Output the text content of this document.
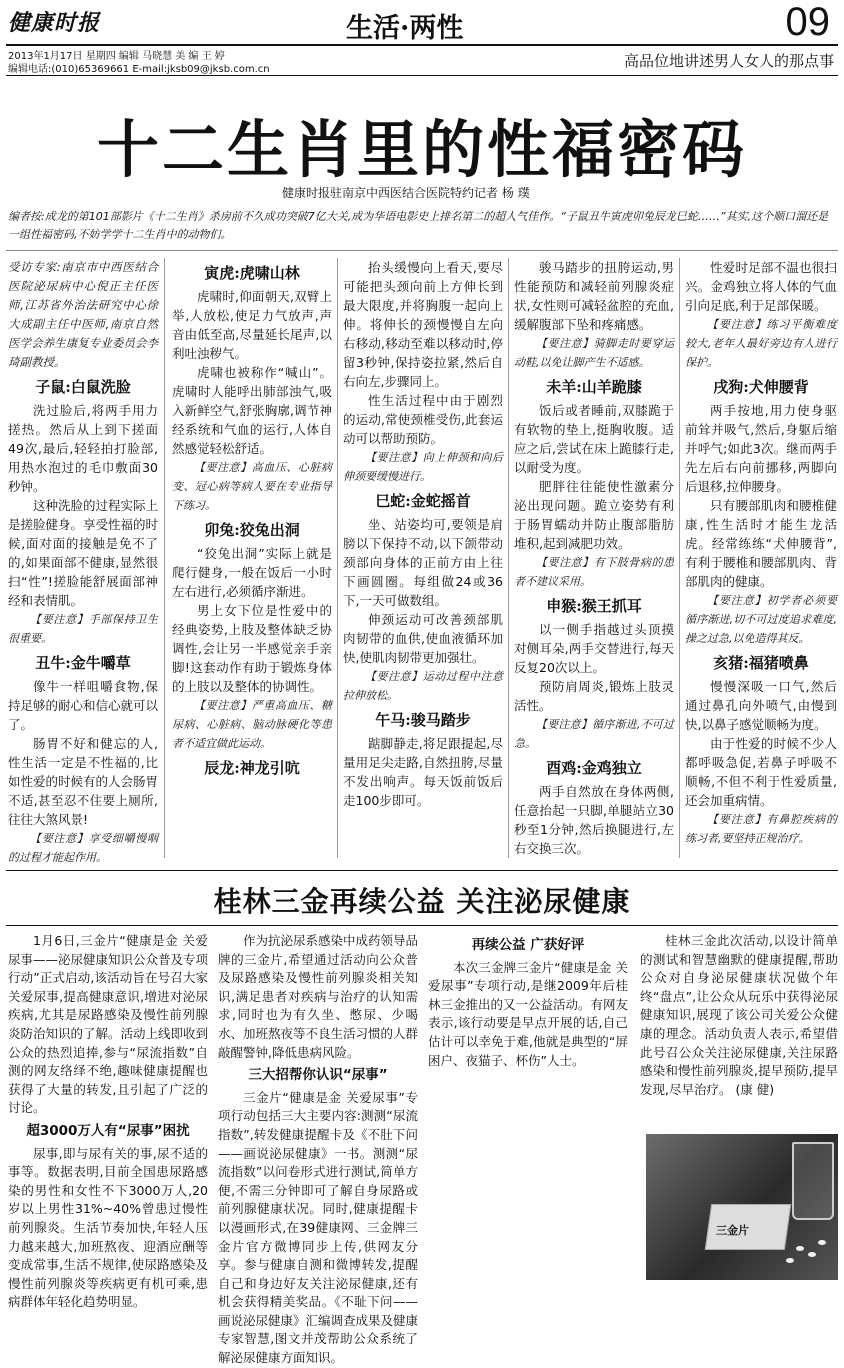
健康时报	生活·两性	09
2013年1月17日 星期四 编辑 马晓慧 美 编 王 婷
编辑电话:(010)65369661 E-mail:jksb09@jksb.com.cn	高品位地讲述男人女人的那点事
十二生肖里的性福密码
健康时报驻南京中西医结合医院特约记者 杨 璞
编者按:成龙的第101部影片《十二生肖》杀房前不久成功突破7亿大关,成为华语电影史上排名第二的超人气佳作。“子鼠丑牛寅虎卯兔辰龙巳蛇……”其实,这个顺口溜还是一组性福密码,不妨学学十二生肖中的动物们。
受访专家:南京市中西医结合医院泌尿病中心倪正主任医师,江苏省外治法研究中心徐大成副主任中医师,南京自然医学会养生康复专业委员会李琦副教授。
子鼠:白鼠洗脸

洗过脸后,将两手用力搓热。然后从上到下搓面49次,最后,轻轻拍打脸部,用热水泡过的毛巾敷面30秒钟。

这种洗脸的过程实际上是搓脸健身。享受性福的时候,面对面的接触是免不了的,如果面部不健康,显然很扫“性”!搓脸能舒展面部神经和表情肌。

【要注意】手部保持卫生很重要。

丑牛:金牛嚼草

像牛一样咀嚼食物,保持足够的耐心和信心就可以了。

肠胃不好和健忘的人,性生活一定是不性福的,比如性爱的时候有的人会肠胃不适,甚至忍不住要上厕所,往往大煞风景!

【要注意】享受细嚼慢咽的过程才能起作用。

寅虎:虎啸山林

虎啸时,仰面朝天,双臂上举,人放松,使足力气放声,声音由低至高,尽量延长尾声,以利吐浊秽气。

虎啸也被称作“喊山”。虎啸时人能呼出肺部浊气,吸入新鲜空气,舒张胸廓,调节神经系统和气血的运行,人体自然感觉轻松舒适。

【要注意】高血压、心脏病变、冠心病等病人要在专业指导下练习。

卯兔:狡兔出洞

“狡兔出洞”实际上就是爬行健身,一般在饭后一小时左右进行,必须循序渐进。

男上女下位是性爱中的经典姿势,上肢及整体缺乏协调性,会让另一半感觉亲手亲脚!这套动作有助于锻炼身体的上肢以及整体的协调性。

【要注意】严重高血压、糖尿病、心脏病、脑动脉硬化等患者不适宜做此运动。

辰龙:神龙引吭

抬头缓慢向上看天,要尽可能把头颈向前上方伸长到最大限度,并将胸腹一起向上伸。将伸长的颈慢慢自左向右移动,移动至难以移动时,停留3秒钟,保持姿拉紧,然后自右向左,步骤同上。

性生活过程中由于剧烈的运动,常使颈椎受伤,此套运动可以帮助预防。

【要注意】向上伸颈和向后伸颈要缓慢进行。

巳蛇:金蛇摇首

坐、站姿均可,要领是肩膀以下保持不动,以下颌带动颈部向身体的正前方由上往下画圆圈。每组做24或36下,一天可做数组。

伸颈运动可改善颈部肌肉韧带的血供,使血液循环加快,使肌肉韧带更加强壮。

【要注意】运动过程中注意拉伸放松。

午马:骏马踏步

踮脚静走,将足跟提起,尽量用足尖走路,自然扭胯,尽量不发出响声。每天饭前饭后走100步即可。

骏马踏步的扭胯运动,男性能预防和减轻前列腺炎症状,女性则可减轻盆腔的充血,缓解腹部下坠和疼痛感。

【要注意】骑脚走时要穿运动鞋,以免让脚产生不适感。

未羊:山羊跪膝

饭后或者睡前,双膝跪于有软物的垫上,挺胸收腹。适应之后,尝试在床上跪膝行走,以耐受为度。

肥胖往往能使性激素分泌出现问题。跪立姿势有利于肠胃蠕动并防止腹部脂肪堆积,起到减肥功效。

【要注意】有下肢骨病的患者不建议采用。

申猴:猴王抓耳

以一侧手指越过头顶摸对侧耳朵,两手交替进行,每天反复20次以上。

预防肩周炎,锻炼上肢灵活性。

【要注意】循序渐进,不可过急。

酉鸡:金鸡独立

两手自然放在身体两侧,任意抬起一只脚,单腿站立30秒至1分钟,然后换腿进行,左右交换三次。

性爱时足部不温也很扫兴。金鸡独立将人体的气血引向足底,利于足部保暖。

【要注意】练习平衡难度较大,老年人最好旁边有人进行保护。

戌狗:犬伸腰背

两手按地,用力使身驱前耸并吸气,然后,身躯后缩并呼气;如此3次。继而两手先左后右向前挪移,两脚向后退移,拉伸腰身。

只有腰部肌肉和腰椎健康,性生活时才能生龙活虎。经常练练“犬伸腰背”,有利于腰椎和腰部肌肉、背部肌肉的健康。

【要注意】初学者必须要循序渐进,切不可过度追求难度,操之过急,以免造得其反。

亥猪:福猪喷鼻

慢慢深吸一口气,然后通过鼻孔向外喷气,由慢到快,以鼻子感觉顺畅为度。

由于性爱的时候不少人都呼吸急促,若鼻子呼吸不顺畅,不但不利于性爱质量,还会加重病情。

【要注意】有鼻腔疾病的练习者,要坚持正规治疗。

桂林三金再续公益 关注泌尿健康

1月6日,三金片“健康是金 关爱尿事——泌尿健康知识公众普及专项行动”正式启动,该活动旨在号召大家关爱尿事,提高健康意识,增进对泌尿疾病,尤其是尿路感染及慢性前列腺炎防治知识的了解。活动上线即收到公众的热烈追捧,参与“尿流指数”自测的网友络绎不绝,趣味健康提醒也获得了大量的转发,且引起了广泛的讨论。

超3000万人有“尿事”困扰

尿事,即与尿有关的事,尿不适的事等。数据表明,目前全国患尿路感染的男性和女性不下3000万人,20岁以上男性31%~40%曾患过慢性前列腺炎。生活节奏加快,年轻人压力越来越大,加班熬夜、迎酒应酬等变成常事,生活不规律,使尿路感染及慢性前列腺炎等疾病更有机可乘,患病群体年轻化趋势明显。

作为抗泌尿系感染中成药领导品牌的三金片,希望通过活动向公众普及尿路感染及慢性前列腺炎相关知识,满足患者对疾病与治疗的认知需求,同时也为有久坐、憋尿、少喝水、加班熬夜等不良生活习惯的人群敲醒警钟,降低患病风险。

三大招帮你认识“尿事”

三金片“健康是金 关爱尿事”专项行动包括三大主要内容:测测“尿流指数”,转发健康提醒卡及《不肚下问——画说泌尿健康》一书。测测“尿流指数”以问卷形式进行测试,简单方便,不需三分钟即可了解自身尿路或前列腺健康状况。同时,健康提醒卡以漫画形式,在39健康网、三金牌三金片官方微博同步上传,供网友分享。参与健康自测和微博转发,提醒自己和身边好友关注泌尿健康,还有机会获得精美奖品。《不耻下问——画说泌尿健康》汇编调查成果及健康专家智慧,图文并茂帮助公众系统了解泌尿健康方面知识。

再续公益 广获好评

本次三金牌三金片“健康是金 关爱尿事”专项行动,是继2009年后桂林三金推出的又一公益活动。有网友表示,该行动要是早点开展的话,自己估计可以幸免于难,他就是典型的“屏困户、夜猫子、杯伤”人士。

桂林三金此次活动,以设计简单的测试和智慧幽默的健康提醒,帮助公众对自身泌尿健康状况做个年终“盘点”,让公众从玩乐中获得泌尿健康知识,展现了该公司关爱公众健康的理念。活动负责人表示,希望借此号召公众关注泌尿健康,关注尿路感染和慢性前列腺炎,提早预防,提早发现,尽早治疗。 (康 健)

三金片
